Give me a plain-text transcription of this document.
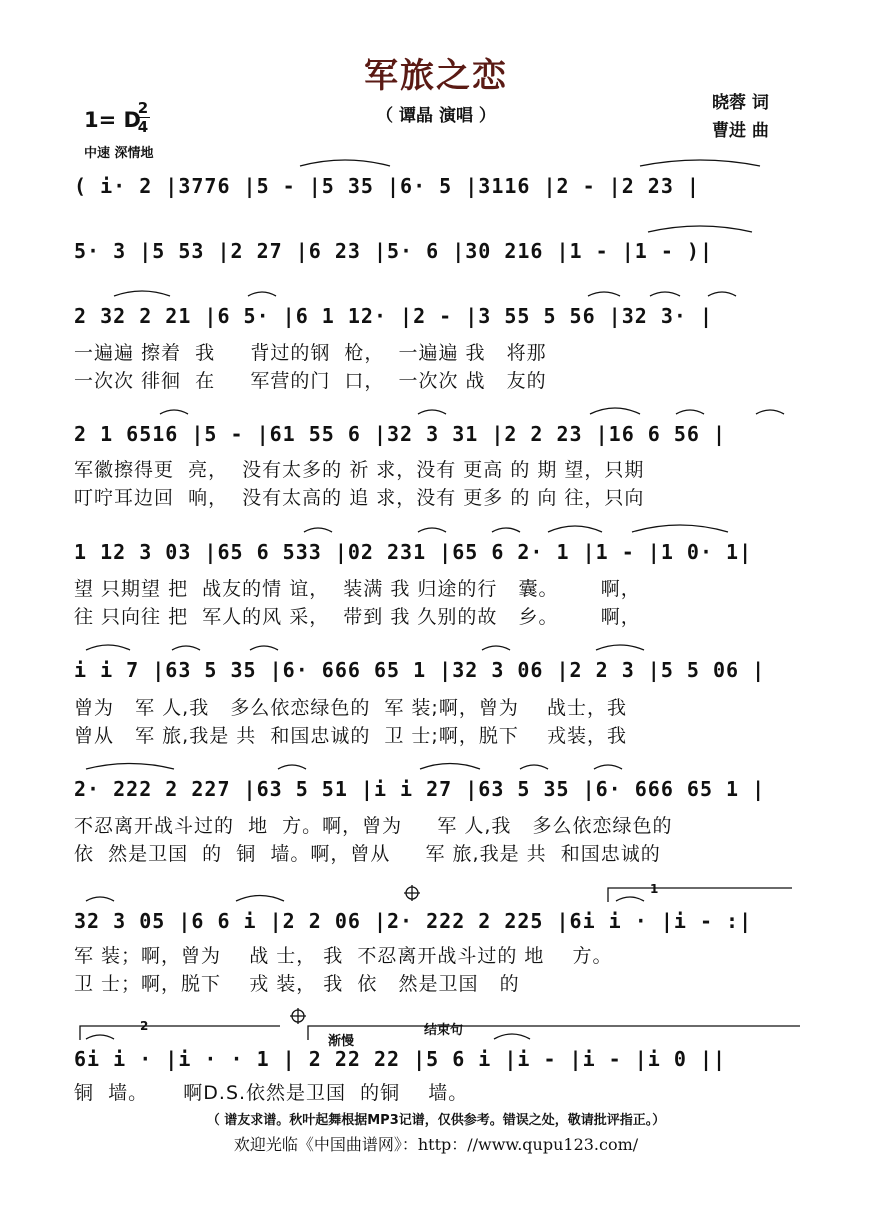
军旅之恋
（ 谭晶 演唱 ）
晓蓉 词
曹进 曲
1= D
2
4
中速 深情地
( i· 2 |3776 |5 - |5 35 |6· 5 |3116 |2 - |2 23 |
5· 3 |5 53 |2 27 |6 23 |5· 6 |30 216 |1 - |1 - )|
2 32 2 21 |6 5· |6 1 12· |2 - |3 55 5 56 |32 3· |
2 1 6516 |5 - |61 55 6 |32 3 31 |2 2 23 |16 6 56 |
1 12 3 03 |65 6 533 |02 231 |65 6 2· 1 |1 - |1 0· 1|
i i 7 |63 5 35 |6· 666 65 1 |32 3 06 |2 2 3 |5 5 06 |
2· 222 2 227 |63 5 51 |i i 27 |63 5 35 |6· 666 65 1 |
32 3 05 |6 6 i |2 2 06 |2· 222 2 225 |6i i · |i - :|
6i i · |i · · 1 | 2 22 22 |5 6 i |i - |i - |i 0 ||
一遍遍 擦着  我     背过的钢  枪，  一遍遍 我   将那
一次次 徘徊  在     军营的门  口，  一次次 战   友的
军徽擦得更  亮，  没有太多的 祈 求，没有 更高 的 期 望，只期
叮咛耳边回  响，  没有太高的 追 求，没有 更多 的 向 往，只向
望 只期望 把  战友的情 谊，  装满 我 归途的行   囊。      啊，
往 只向往 把  军人的风 采，  带到 我 久别的故   乡。      啊，
曾为   军 人,我   多么依恋绿色的  军 装;啊，曾为    战士，我
曾从   军 旅,我是 共  和国忠诚的  卫 士;啊，脱下    戎装，我
不忍离开战斗过的  地  方。啊，曾为     军 人,我   多么依恋绿色的
依  然是卫国  的  铜  墙。啊，曾从     军 旅,我是 共  和国忠诚的
军 装；啊，曾为    战 士， 我  不忍离开战斗过的 地    方。
卫 士；啊，脱下    戎 装， 我  依   然是卫国   的
铜  墙。     啊D.S.依然是卫国  的铜    墙。
1
2
渐慢
结束句
（ 谱友求谱。秋叶起舞根据MP3记谱，仅供参考。错误之处，敬请批评指正。）
欢迎光临《中国曲谱网》：http：//www.qupu123.com/
